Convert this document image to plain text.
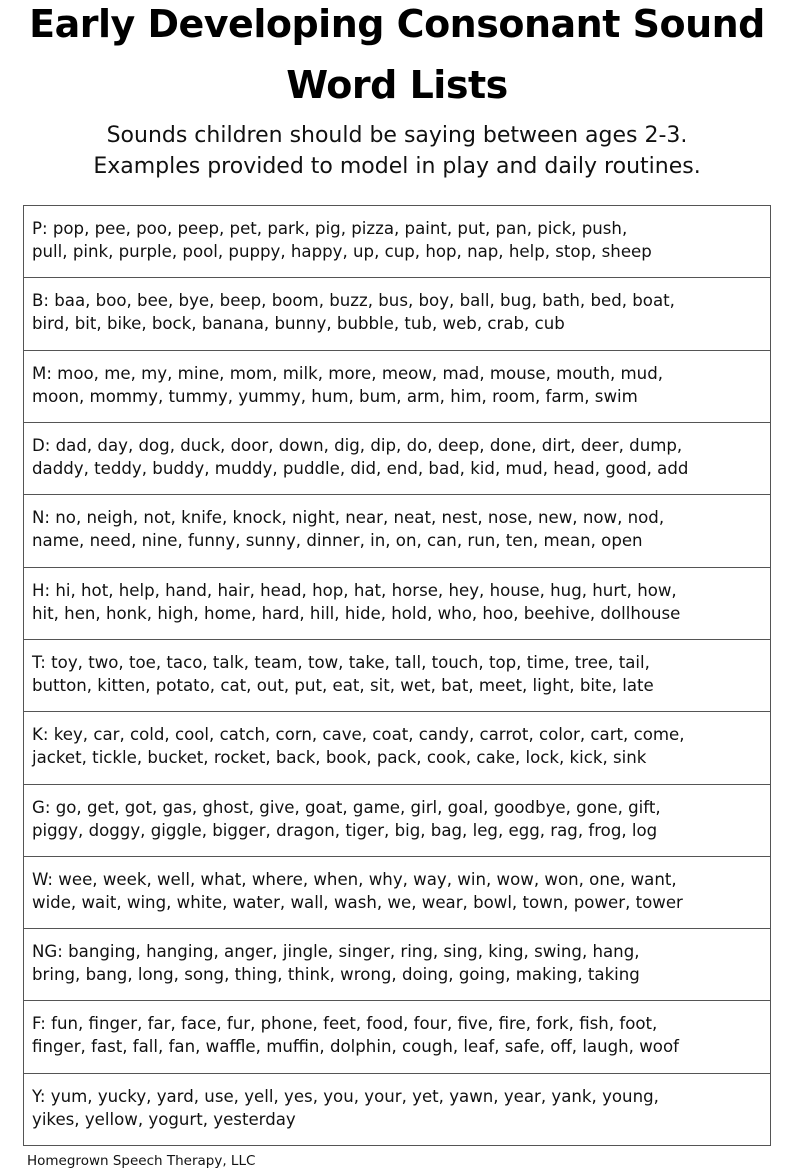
Early Developing Consonant Sound
Word Lists
Sounds children should be saying between ages 2-3.
Examples provided to model in play and daily routines.
P: pop, pee, poo, peep, pet, park, pig, pizza, paint, put, pan, pick, push,
pull, pink, purple, pool, puppy, happy, up, cup, hop, nap, help, stop, sheep
B: baa, boo, bee, bye, beep, boom, buzz, bus, boy, ball, bug, bath, bed, boat,
bird, bit, bike, bock, banana, bunny, bubble, tub, web, crab, cub
M: moo, me, my, mine, mom, milk, more, meow, mad, mouse, mouth, mud,
moon, mommy, tummy, yummy, hum, bum, arm, him, room, farm, swim
D: dad, day, dog, duck, door, down, dig, dip, do, deep, done, dirt, deer, dump,
daddy, teddy, buddy, muddy, puddle, did, end, bad, kid, mud, head, good, add
N: no, neigh, not, knife, knock, night, near, neat, nest, nose, new, now, nod,
name, need, nine, funny, sunny, dinner, in, on, can, run, ten, mean, open
H: hi, hot, help, hand, hair, head, hop, hat, horse, hey, house, hug, hurt, how,
hit, hen, honk, high, home, hard, hill, hide, hold, who, hoo, beehive, dollhouse
T: toy, two, toe, taco, talk, team, tow, take, tall, touch, top, time, tree, tail,
button, kitten, potato, cat, out, put, eat, sit, wet, bat, meet, light, bite, late
K: key, car, cold, cool, catch, corn, cave, coat, candy, carrot, color, cart, come,
jacket, tickle, bucket, rocket, back, book, pack, cook, cake, lock, kick, sink
G: go, get, got, gas, ghost, give, goat, game, girl, goal, goodbye, gone, gift,
piggy, doggy, giggle, bigger, dragon, tiger, big, bag, leg, egg, rag, frog, log
W: wee, week, well, what, where, when, why, way, win, wow, won, one, want,
wide, wait, wing, white, water, wall, wash, we, wear, bowl, town, power, tower
NG: banging, hanging, anger, jingle, singer, ring, sing, king, swing, hang,
bring, bang, long, song, thing, think, wrong, doing, going, making, taking
F: fun, finger, far, face, fur, phone, feet, food, four, five, fire, fork, fish, foot,
finger, fast, fall, fan, waffle, muffin, dolphin, cough, leaf, safe, off, laugh, woof
Y: yum, yucky, yard, use, yell, yes, you, your, yet, yawn, year, yank, young,
yikes, yellow, yogurt, yesterday
Homegrown Speech Therapy, LLC
